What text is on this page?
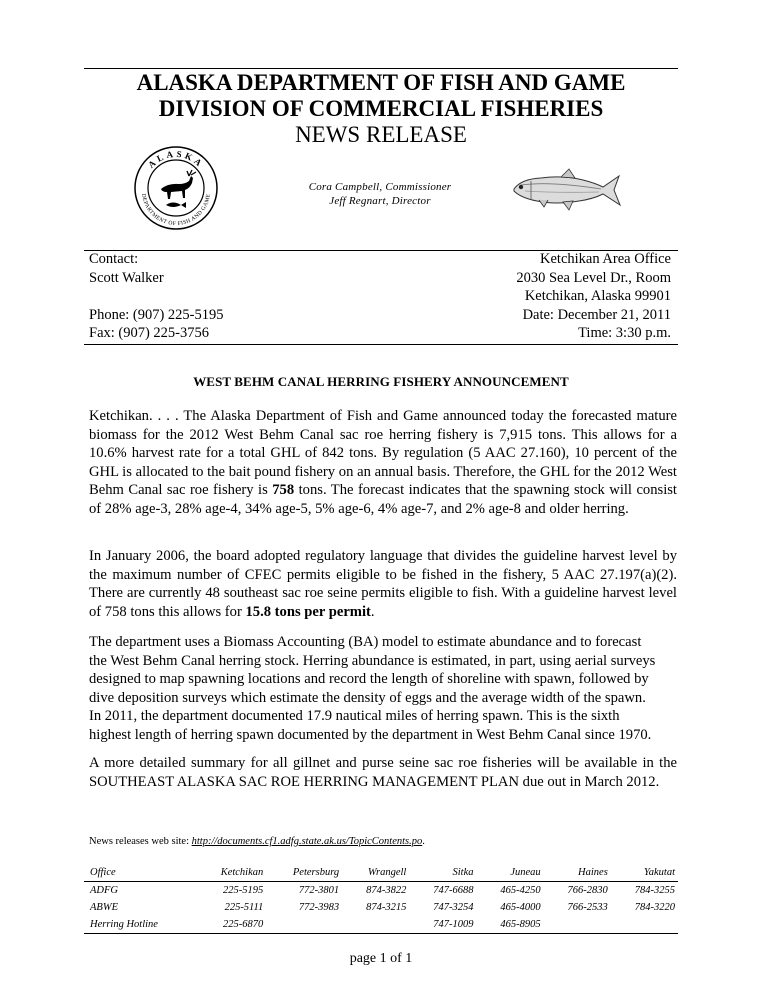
ALASKA DEPARTMENT OF FISH AND GAME
DIVISION OF COMMERCIAL FISHERIES
NEWS RELEASE
ALASKA
DEPARTMENT OF FISH AND GAME
Cora Campbell, Commissioner
Jeff Regnart, Director
Contact:
Scott Walker
Phone: (907) 225-5195
Fax: (907) 225-3756
Ketchikan Area Office
2030 Sea Level Dr., Room
Ketchikan, Alaska 99901
Date: December 21, 2011
Time: 3:30 p.m.
WEST BEHM CANAL HERRING FISHERY ANNOUNCEMENT
Ketchikan. . . . The Alaska Department of Fish and Game announced today the forecasted mature biomass for the 2012 West Behm Canal sac roe herring fishery is 7,915 tons. This allows for a 10.6% harvest rate for a total GHL of 842 tons. By regulation (5 AAC 27.160), 10 percent of the GHL is allocated to the bait pound fishery on an annual basis. Therefore, the GHL for the 2012 West Behm Canal sac roe fishery is 758 tons. The forecast indicates that the spawning stock will consist of 28% age-3, 28% age-4, 34% age-5, 5% age-6, 4% age-7, and 2% age-8 and older herring.
In January 2006, the board adopted regulatory language that divides the guideline harvest level by the maximum number of CFEC permits eligible to be fished in the fishery, 5 AAC 27.197(a)(2). There are currently 48 southeast sac roe seine permits eligible to fish. With a guideline harvest level of 758 tons this allows for 15.8 tons per permit.
The department uses a Biomass Accounting (BA) model to estimate abundance and to forecast
the West Behm Canal herring stock. Herring abundance is estimated, in part, using aerial surveys
designed to map spawning locations and record the length of shoreline with spawn, followed by
dive deposition surveys which estimate the density of eggs and the average width of the spawn.
In 2011, the department documented 17.9 nautical miles of herring spawn. This is the sixth
highest length of herring spawn documented by the department in West Behm Canal since 1970.
A more detailed summary for all gillnet and purse seine sac roe fisheries will be available in the SOUTHEAST ALASKA SAC ROE HERRING MANAGEMENT PLAN due out in March 2012.
News releases web site: http://documents.cf1.adfg.state.ak.us/TopicContents.po.
Office	Ketchikan	Petersburg	Wrangell	Sitka	Juneau	Haines	Yakutat
ADFG	225-5195	772-3801	874-3822	747-6688	465-4250	766-2830	784-3255
ABWE	225-5111	772-3983	874-3215	747-3254	465-4000	766-2533	784-3220
Herring Hotline	225-6870			747-1009	465-8905		
page 1 of 1
